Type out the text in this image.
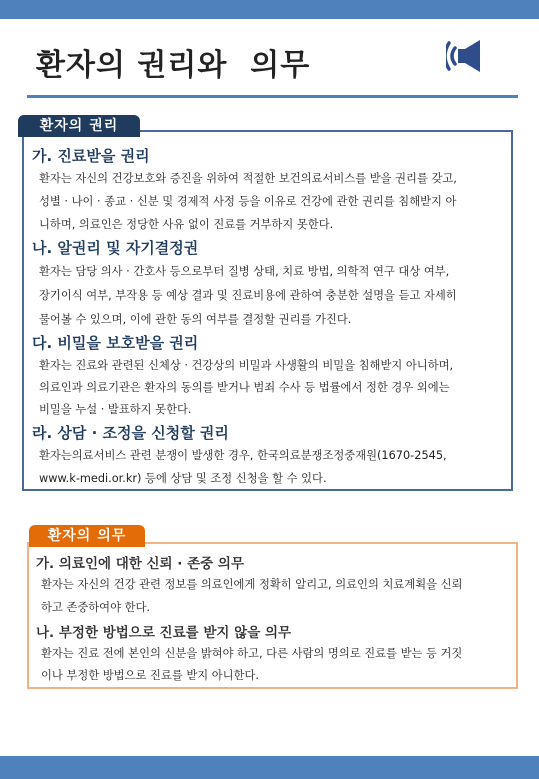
환자의 권리와  의무
가. 진료받을 권리
환자는 자신의 건강보호와 증진을 위하여 적절한 보건의료서비스를 받을 권리를 갖고,
성별 · 나이 · 종교 · 신분 및 경제적 사정 등을 이유로 건강에 관한 권리를 침해받지 아
니하며, 의료인은 정당한 사유 없이 진료를 거부하지 못한다.
나. 알권리 및 자기결정권
환자는 담당 의사 · 간호사 등으로부터 질병 상태, 치료 방법, 의학적 연구 대상 여부,
장기이식 여부, 부작용 등 예상 결과 및 진료비용에 관하여 충분한 설명을 듣고 자세히
물어볼 수 있으며, 이에 관한 동의 여부를 결정할 권리를 가진다.
다. 비밀을 보호받을 권리
환자는 진료와 관련된 신체상 · 건강상의 비밀과 사생활의 비밀을 침해받지 아니하며,
의료인과 의료기관은 환자의 동의를 받거나 범죄 수사 등 법률에서 정한 경우 외에는
비밀을 누설 · 발표하지 못한다.
라. 상담 · 조정을 신청할 권리
환자는의료서비스 관련 분쟁이 발생한 경우, 한국의료분쟁조정중재원(1670-2545,
www.k-medi.or.kr) 등에 상담 및 조정 신청을 할 수 있다.
환자의 권리
가. 의료인에 대한 신뢰 · 존중 의무
환자는 자신의 건강 관련 정보를 의료인에게 정확히 알리고, 의료인의 치료계획을 신뢰
하고 존중하여야 한다.
나. 부정한 방법으로 진료를 받지 않을 의무
환자는 진료 전에 본인의 신분을 밝혀야 하고, 다른 사람의 명의로 진료를 받는 등 거짓
이나 부정한 방법으로 진료를 받지 아니한다.
환자의 의무
